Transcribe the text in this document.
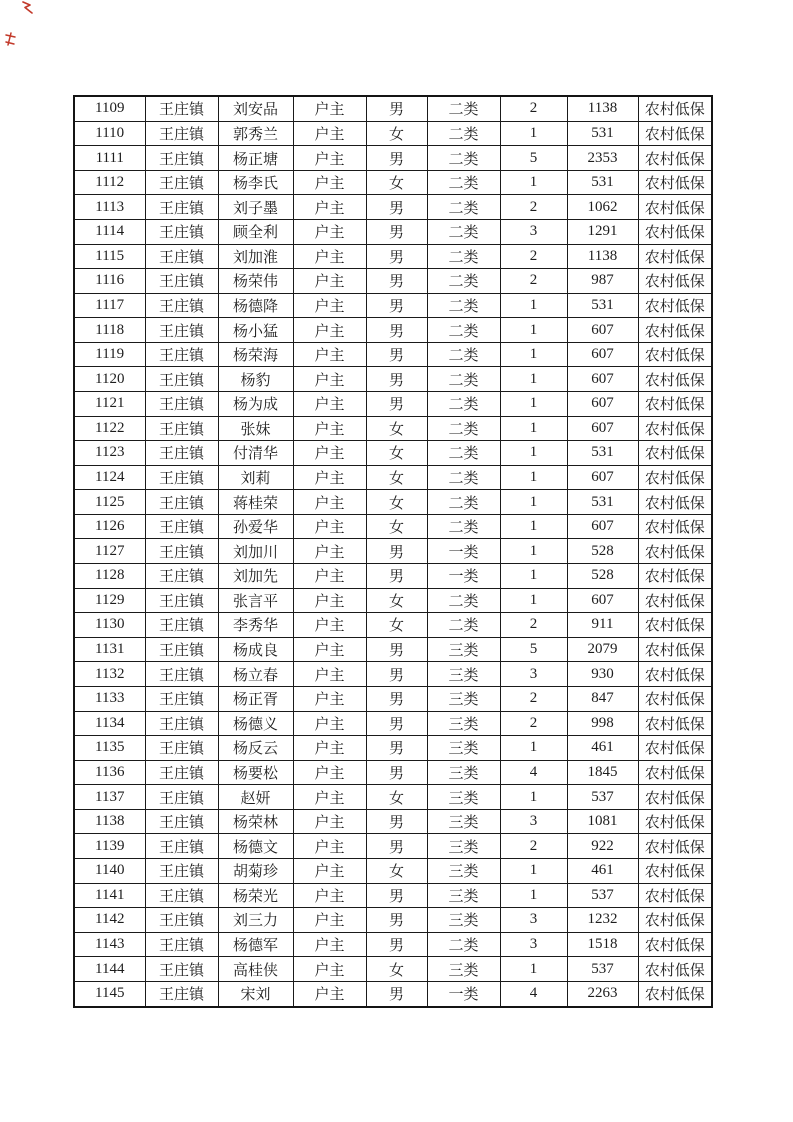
1109	王庄镇	刘安品	户主	男	二类	2	1138	农村低保
1110	王庄镇	郭秀兰	户主	女	二类	1	531	农村低保
1111	王庄镇	杨正塘	户主	男	二类	5	2353	农村低保
1112	王庄镇	杨李氏	户主	女	二类	1	531	农村低保
1113	王庄镇	刘子墨	户主	男	二类	2	1062	农村低保
1114	王庄镇	顾全利	户主	男	二类	3	1291	农村低保
1115	王庄镇	刘加淮	户主	男	二类	2	1138	农村低保
1116	王庄镇	杨荣伟	户主	男	二类	2	987	农村低保
1117	王庄镇	杨德降	户主	男	二类	1	531	农村低保
1118	王庄镇	杨小猛	户主	男	二类	1	607	农村低保
1119	王庄镇	杨荣海	户主	男	二类	1	607	农村低保
1120	王庄镇	杨豹	户主	男	二类	1	607	农村低保
1121	王庄镇	杨为成	户主	男	二类	1	607	农村低保
1122	王庄镇	张妹	户主	女	二类	1	607	农村低保
1123	王庄镇	付清华	户主	女	二类	1	531	农村低保
1124	王庄镇	刘莉	户主	女	二类	1	607	农村低保
1125	王庄镇	蒋桂荣	户主	女	二类	1	531	农村低保
1126	王庄镇	孙爱华	户主	女	二类	1	607	农村低保
1127	王庄镇	刘加川	户主	男	一类	1	528	农村低保
1128	王庄镇	刘加先	户主	男	一类	1	528	农村低保
1129	王庄镇	张言平	户主	女	二类	1	607	农村低保
1130	王庄镇	李秀华	户主	女	二类	2	911	农村低保
1131	王庄镇	杨成良	户主	男	三类	5	2079	农村低保
1132	王庄镇	杨立春	户主	男	三类	3	930	农村低保
1133	王庄镇	杨正胥	户主	男	三类	2	847	农村低保
1134	王庄镇	杨德义	户主	男	三类	2	998	农村低保
1135	王庄镇	杨反云	户主	男	三类	1	461	农村低保
1136	王庄镇	杨要松	户主	男	三类	4	1845	农村低保
1137	王庄镇	赵妍	户主	女	三类	1	537	农村低保
1138	王庄镇	杨荣林	户主	男	三类	3	1081	农村低保
1139	王庄镇	杨德文	户主	男	三类	2	922	农村低保
1140	王庄镇	胡菊珍	户主	女	三类	1	461	农村低保
1141	王庄镇	杨荣光	户主	男	三类	1	537	农村低保
1142	王庄镇	刘三力	户主	男	三类	3	1232	农村低保
1143	王庄镇	杨德军	户主	男	二类	3	1518	农村低保
1144	王庄镇	高桂侠	户主	女	三类	1	537	农村低保
1145	王庄镇	宋刘	户主	男	一类	4	2263	农村低保
